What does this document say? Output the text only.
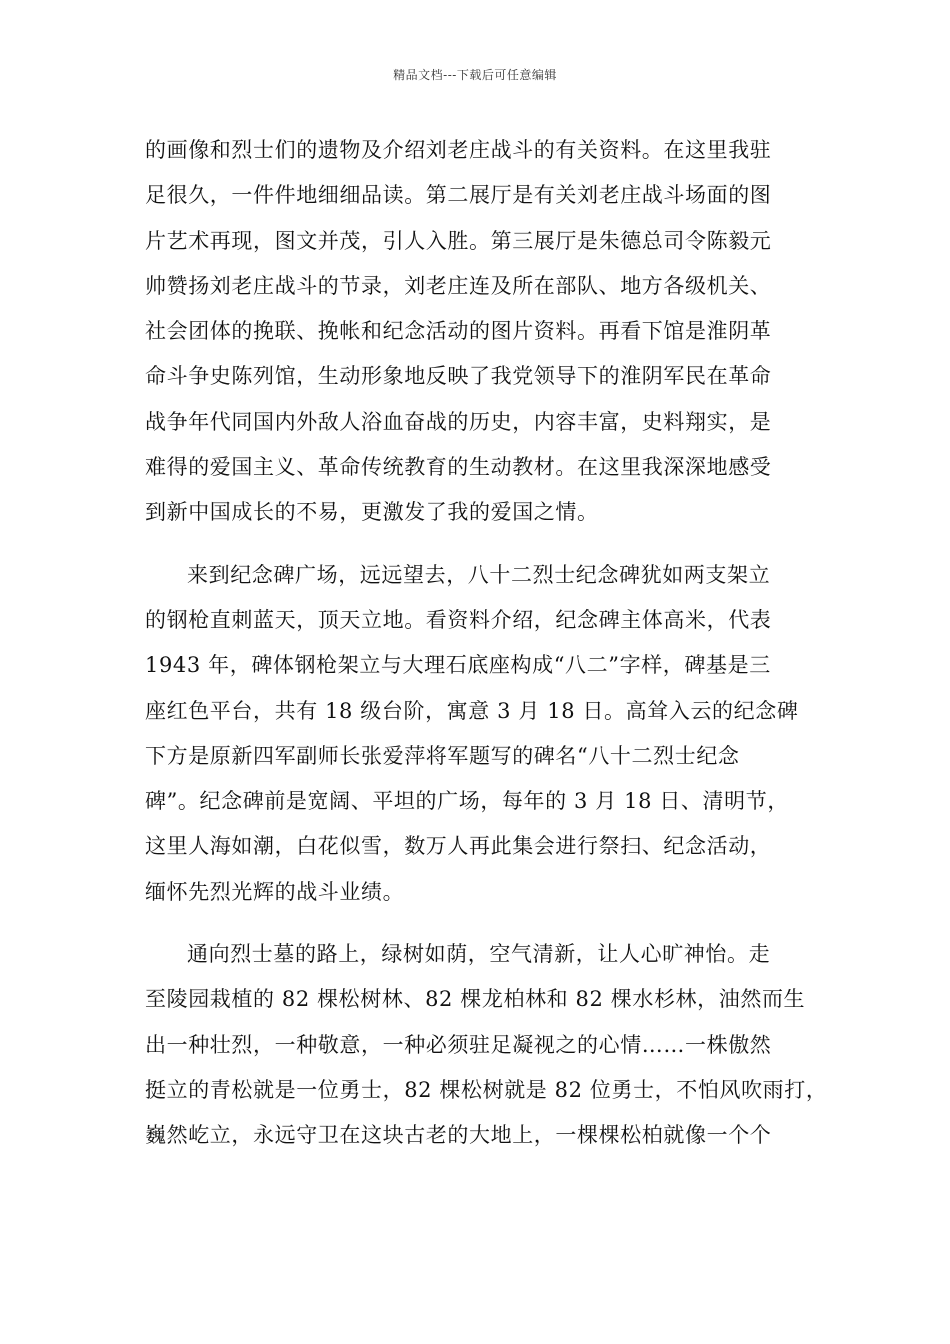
精品文档---下载后可任意编辑
的画像和烈士们的遗物及介绍刘老庄战斗的有关资料。在这里我驻
足很久，一件件地细细品读。第二展厅是有关刘老庄战斗场面的图
片艺术再现，图文并茂，引人入胜。第三展厅是朱德总司令陈毅元
帅赞扬刘老庄战斗的节录，刘老庄连及所在部队、地方各级机关、
社会团体的挽联、挽帐和纪念活动的图片资料。再看下馆是淮阴革
命斗争史陈列馆，生动形象地反映了我党领导下的淮阴军民在革命
战争年代同国内外敌人浴血奋战的历史，内容丰富，史料翔实，是
难得的爱国主义、革命传统教育的生动教材。在这里我深深地感受
到新中国成长的不易，更激发了我的爱国之情。
来到纪念碑广场，远远望去，八十二烈士纪念碑犹如两支架立
的钢枪直刺蓝天，顶天立地。看资料介绍，纪念碑主体高米，代表
1943 年，碑体钢枪架立与大理石底座构成“八二”字样，碑基是三
座红色平台，共有 18 级台阶，寓意 3 月 18 日。高耸入云的纪念碑
下方是原新四军副师长张爱萍将军题写的碑名“八十二烈士纪念
碑”。纪念碑前是宽阔、平坦的广场，每年的 3 月 18 日、清明节，
这里人海如潮，白花似雪，数万人再此集会进行祭扫、纪念活动，
缅怀先烈光辉的战斗业绩。
通向烈士墓的路上，绿树如荫，空气清新，让人心旷神怡。走
至陵园栽植的 82 棵松树林、82 棵龙柏林和 82 棵水杉林，油然而生
出一种壮烈，一种敬意，一种必须驻足凝视之的心情……一株傲然
挺立的青松就是一位勇士，82 棵松树就是 82 位勇士，不怕风吹雨打，
巍然屹立，永远守卫在这块古老的大地上，一棵棵松柏就像一个个
